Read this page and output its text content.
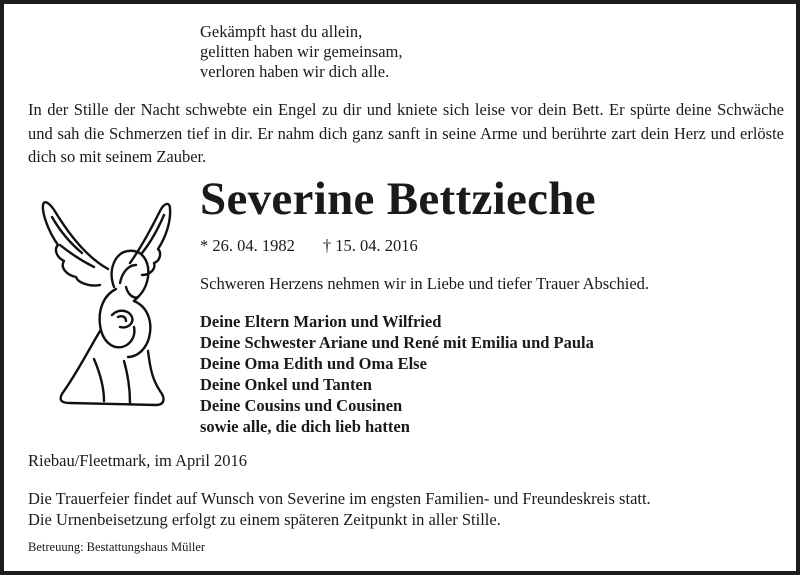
Gekämpft hast du allein,
gelitten haben wir gemeinsam,
verloren haben wir dich alle.
In der Stille der Nacht schwebte ein Engel zu dir und kniete sich leise vor dein Bett. Er spürte deine Schwäche und sah die Schmerzen tief in dir. Er nahm dich ganz sanft in seine Arme und berührte zart dein Herz und erlöste dich so mit seinem Zauber.
Severine Bettzieche
* 26. 04. 1982 † 15. 04. 2016
Schweren Herzens nehmen wir in Liebe und tiefer Trauer Abschied.
Deine Eltern Marion und Wilfried
Deine Schwester Ariane und René mit Emilia und Paula
Deine Oma Edith und Oma Else
Deine Onkel und Tanten
Deine Cousins und Cousinen
sowie alle, die dich lieb hatten
Riebau/Fleetmark, im April 2016
Die Trauerfeier findet auf Wunsch von Severine im engsten Familien- und Freundeskreis statt.
Die Urnenbeisetzung erfolgt zu einem späteren Zeitpunkt in aller Stille.
Betreuung: Bestattungshaus Müller
